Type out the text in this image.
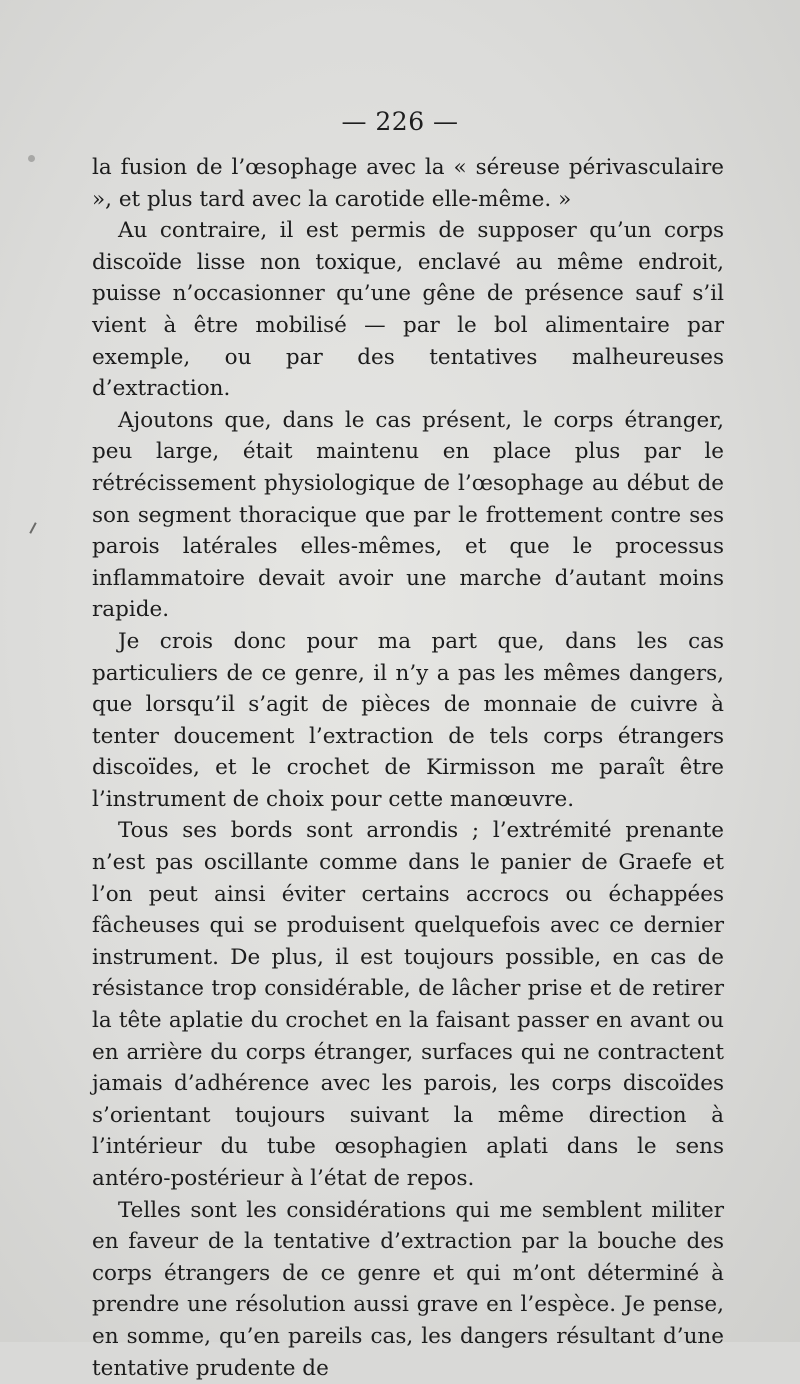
— 226 —

la fusion de l’œsophage avec la « séreuse périvasculaire », et plus tard avec la carotide elle-même. »

Au contraire, il est permis de supposer qu’un corps discoïde lisse non toxique, enclavé au même endroit, puisse n’occasionner qu’une gêne de présence sauf s’il vient à être mobilisé — par le bol alimentaire par exemple, ou par des tentatives malheureuses d’extraction.

Ajoutons que, dans le cas présent, le corps étranger, peu large, était maintenu en place plus par le rétrécissement physiologique de l’œsophage au début de son segment thoracique que par le frottement contre ses parois latérales elles-mêmes, et que le processus inflammatoire devait avoir une marche d’autant moins rapide.

Je crois donc pour ma part que, dans les cas particuliers de ce genre, il n’y a pas les mêmes dangers, que lorsqu’il s’agit de pièces de monnaie de cuivre à tenter doucement l’extraction de tels corps étrangers discoïdes, et le crochet de Kirmisson me paraît être l’instrument de choix pour cette manœuvre.

Tous ses bords sont arrondis ; l’extrémité prenante n’est pas oscillante comme dans le panier de Graefe et l’on peut ainsi éviter certains accrocs ou échappées fâcheuses qui se produisent quelquefois avec ce dernier instrument. De plus, il est toujours possible, en cas de résistance trop considérable, de lâcher prise et de retirer la tête aplatie du crochet en la faisant passer en avant ou en arrière du corps étranger, surfaces qui ne contractent jamais d’adhérence avec les parois, les corps discoïdes s’orientant toujours suivant la même direction à l’intérieur du tube œsophagien aplati dans le sens antéro-postérieur à l’état de repos.

Telles sont les considérations qui me semblent militer en faveur de la tentative d’extraction par la bouche des corps étrangers de ce genre et qui m’ont déterminé à prendre une résolution aussi grave en l’espèce. Je pense, en somme, qu’en pareils cas, les dangers résultant d’une tentative prudente de
